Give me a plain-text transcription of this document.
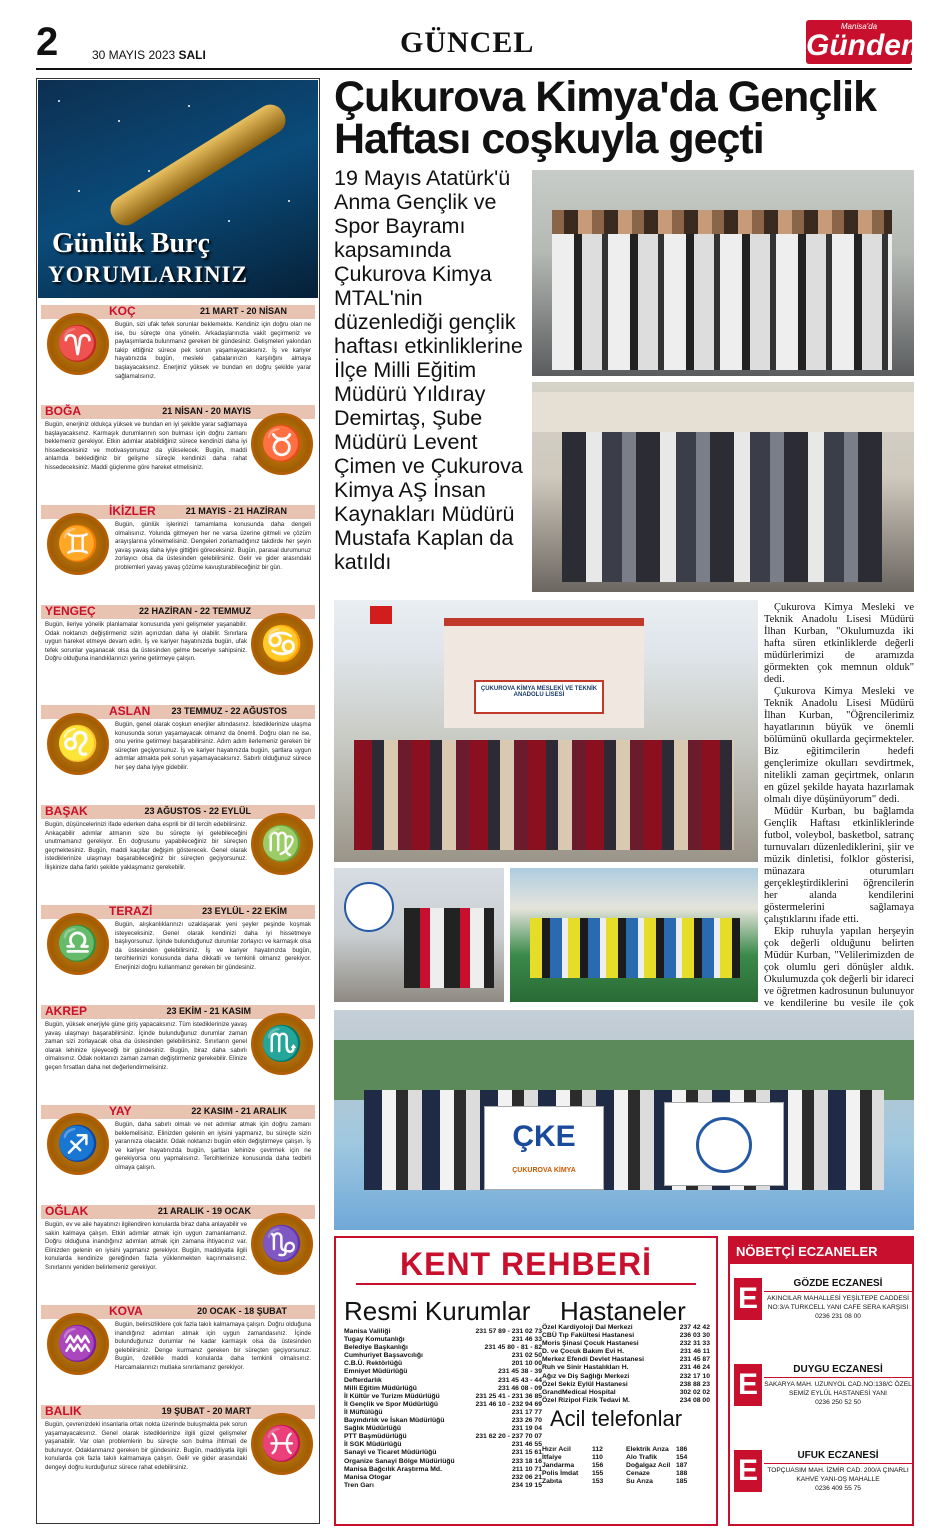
2	30 MAYIS 2023 SALI	GÜNCEL	Manisa'da
Gündem
Günlük Burç
YORUMLARINIZ
♈
KOÇ	21 MART - 20 NİSAN
Bugün, sizi ufak tefek sorunlar beklemekte. Kendiniz için doğru olan ne ise, bu süreçte ona yönelin. Arkadaşlarınızla vakit geçirmeniz ve paylaşımlarda bulunmanız gereken bir gündesiniz. Gelişmeleri yakından takip ettiğiniz sürece pek sorun yaşamayacaksınız. İş ve kariyer hayatınızda bugün, mesleki çabalarınızın karşılığını almaya başlayacaksınız. Enerjiniz yüksek ve bundan en doğru şekilde yarar sağlamalısınız.
♉
BOĞA	21 NİSAN - 20 MAYIS
Bugün, enerjiniz oldukça yüksek ve bundan en iyi şekilde yarar sağlamaya başlayacaksınız. Karmaşık durumlarının son bulması için doğru zamanı beklemeniz gerekiyor. Etkin adımlar atabildiğiniz sürece kendinizi daha iyi hissedeceksiniz ve motivasyonunuz da yükselecek. Bugün, maddi anlamda beklediğiniz bir gelişme süreçle kendinizi daha rahat hissedeceksiniz. Maddi güçlenme göre hareket etmelisiniz.
♊
İKİZLER	21 MAYIS - 21 HAZİRAN
Bugün, günlük işlerinizi tamamlama konusunda daha dengeli olmalısınız. Yolunda gitmeyen her ne varsa üzerine gitmeli ve çözüm arayışlarına yönelmelisiniz. Dengeleri zorlamadığınız takdirde her şeyin yavaş yavaş daha iyiye gittiğini göreceksiniz. Bugün, parasal durumunuz zorlayıcı olsa da üstesinden gelebilirsiniz. Gelir ve gider arasındaki problemleri yavaş yavaş çözüme kavuşturabileceğiniz bir gün.
♋
YENGEÇ	22 HAZİRAN - 22 TEMMUZ
Bugün, ileriye yönelik planlamalar konusunda yeni gelişmeler yaşanabilir. Odak noktanızı değiştirmeniz sizin açınızdan daha iyi olabilir. Sınırlara uygun hareket etmeye devam edin. İş ve kariyer hayatınızda bugün, ufak tefek sorunlar yaşanacak olsa da üstesinden gelme beceriye sahipsiniz. Doğru olduğuna inandıklarınızı yerine getirmeye çalışın.
♌
ASLAN 23 TEMMUZ - 22 AĞUSTOS
Bugün, genel olarak coşkun enerjiler altındasınız. İstediklerinize ulaşma konusunda sorun yaşamayacak olmanız da önemli. Doğru olan ne ise, onu yerine getirmeyi başarabilirsiniz. Adım adım ilerlemeniz gereken bir süreçten geçiyorsunuz. İş ve kariyer hayatınızda bugün, şartlara uygun adımlar atmakta pek sorun yaşamayacaksınız. Sabırlı olduğunuz sürece her şey daha iyiye gidebilir.
♍
BAŞAK	23 AĞUSTOS - 22 EYLÜL
Bugün, düşüncelerinizi ifade ederken daha esprili bir dil tercih edebilirsiniz. Ankaçabilir adımlar atmanın size bu süreçte iyi gelebileceğini unutmamanız gerekiyor. En doğrusunu yapabileceğiniz bir süreçten geçmektesiniz. Bugün, maddi kaçıllar değişim gösterecek. Genel olarak istediklerinize ulaşmayı başarabileceğiniz bir süreçten geçiyorsunuz. İlişkinize daha farklı şekilde yaklaşmanız gerekebilir.
♎
TERAZİ	23 EYLÜL - 22 EKİM
Bugün, alışkanlıklarınızı uzaklaşarak yeni şeyler peşinde koşmak isteyeceksiniz. Genel olarak kendinizi daha iyi hissetmeye başlıyorsunuz. İçinde bulunduğunuz durumlar zorlayıcı ve karmaşık olsa da üstesinden gelebilirsiniz. İş ve kariyer hayatınızda bugün, tercihlerinizi konusunda daha dikkatli ve temkinli olmanız gerekiyor. Enerjinizi doğru kullanmanız gereken bir gündesiniz.
♏
AKREP	23 EKİM - 21 KASIM
Bugün, yüksek enerjiyle güne giriş yapacaksınız. Tüm istediklerinize yavaş yavaş ulaşmayı başarabilirsiniz. İçinde bulunduğunuz durumlar zaman zaman sizi zorlayacak olsa da üstesinden gelebilirsiniz. Sınırların genel olarak lehinize işleyeceği bir gündesiniz. Bugün, biraz daha sabırlı olmalısınız. Odak noktanızı zaman zaman değiştirmeniz gerekebilir. Elinize geçen fırsatları daha net değerlendirmelisiniz.
♐
YAY	22 KASIM - 21 ARALIK
Bugün, daha sabırlı olmalı ve net adımlar atmak için doğru zamanı beklemelisiniz. Elinizden gelenin en iyisini yapmanız, bu süreçte sizin yararınıza olacaktır. Odak noktanızı bugün etkin değiştirmeye çalışın. İş ve kariyer hayatınızda bugün, şartları lehinize çevirmek için ne gerekiyorsa onu yapmalısınız. Tercihlerinize konusunda daha tedbirli olmaya çalışın.
♑
OĞLAK	21 ARALIK - 19 OCAK
Bugün, ev ve aile hayatınızı ilgilendiren konularda biraz daha anlayabilir ve sakin kalmaya çalışın. Etkin adımlar atmak için uygun zamanlamanız. Doğru olduğuna inandığınız adımları atmak için zamana ihtiyacınız var. Elinizden gelenin en iyisini yapmanız gerekiyor. Bugün, maddiyatla ilgili konularda kendinize gereğinden fazla yüklenmekten kaçınmalısınız. Sınırlarını yeniden belirlemeniz gerekiyor.
♒
KOVA	20 OCAK - 18 ŞUBAT
Bugün, belirsizliklere çok fazla takılı kalmamaya çalışın. Doğru olduğuna inandığınız adımları atmak için uygun zamandasınız. İçinde bulunduğunuz durumlar ne kadar karmaşık olsa da üstesinden gelebilirsiniz. Denge kurmanız gereken bir süreçten geçiyorsunuz. Bugün, özellikle maddi konularda daha temkinli olmalısınız. Harcamalarınızı mutlaka sınırlamanız gerekiyor.
♓
BALIK	19 ŞUBAT - 20 MART
Bugün, çevrenizdeki insanlarla ortak nokta üzerinde buluşmakta pek sorun yaşamayacaksınız. Genel olarak istediklerinize ilgili güzel gelişmeler yaşanabilir. Var olan problemlerin bu süreçte son bulma ihtimali de bulunuyor. Odaklanmanız gereken bir gündesiniz. Bugün, maddiyatla ilgili konularda çok fazla takılı kalmamaya çalışın. Gelir ve gider arasındaki dengeyi doğru kurduğunuz sürece rahat edebilirsiniz.
Çukurova Kimya'da Gençlik Haftası coşkuyla geçti
19 Mayıs Atatürk'ü Anma Gençlik ve Spor Bayramı kapsamında Çukurova Kimya MTAL'nin düzenlediği gençlik haftası etkinliklerine İlçe Milli Eğitim Müdürü Yıldıray Demirtaş, Şube Müdürü Levent Çimen ve Çukurova Kimya AŞ İnsan Kaynakları Müdürü Mustafa Kaplan da katıldı
ÇUKUROVA KİMYA MESLEKİ VE TEKNİK ANADOLU LİSESİ

Çukurova Kimya Mesleki ve Teknik Anadolu Lisesi Müdürü İlhan Kurban, "Okulumuzda iki hafta süren etkinliklerde değerli müdürlerimizi de aramızda görmekten çok memnun olduk" dedi.

Çukurova Kimya Mesleki ve Teknik Anadolu Lisesi Müdürü İlhan Kurban, "Öğrencilerimiz hayatlarının büyük ve önemli bölümünü okullarda geçirmekteler. Biz eğitimcilerin hedefi gençlerimize okulları sevdirtmek, nitelikli zaman geçirtmek, onların en güzel şekilde hayata hazırlamak olmalı diye düşünüyorum" dedi.

Müdür Kurban, bu bağlamda Gençlik Haftası etkinliklerinde futbol, voleybol, basketbol, satranç turnuvaları düzenlediklerini, şiir ve müzik dinletisi, folklor gösterisi, münazara oturumları gerçekleştirdiklerini öğrencilerin her alanda kendilerini göstermelerini sağlamaya çalıştıklarını ifade etti.

Ekip ruhuyla yapılan herşeyin çok değerli olduğunu belirten Müdür Kurban, "Velilerimizden de çok olumlu geri dönüşler aldık. Okulumuzda çok değerli bir idareci ve öğretmen kadrosunun bulunuyor ve kendilerine bu vesile ile çok

ÇKE
ÇUKUROVA KİMYA
KENT REHBERİ
Resmi Kurumlar Hastaneler
Manisa Valiliği	231 57 89 - 231 02 73
Tugay Komutanlığı	231 46 33
Belediye Başkanlığı	231 45 80 - 81 - 82
Cumhuriyet Başsavcılığı	231 02 50
C.B.Ü. Rektörlüğü	201 10 00
Emniyet Müdürlüğü	231 45 38 - 39
Defterdarlık	231 45 43 - 44
Milli Eğitim Müdürlüğü	231 46 08 - 09
İl Kültür ve Turizm Müdürlüğü	231 25 41 - 231 36 85
İl Gençlik ve Spor Müdürlüğü	231 46 10 - 232 94 69
İl Müftülüğü	231 17 77
Bayındırlık ve İskan Müdürlüğü	233 26 70
Sağlık Müdürlüğü	231 19 04
PTT Başmüdürlüğü	231 62 20 - 237 70 07
İl SGK Müdürlüğü	231 46 55
Sanayi ve Ticaret Müdürlüğü	231 15 61
Organize Sanayi Bölge Müdürlüğü	233 18 16
Manisa Bağcılık Araştırma Md.	211 10 71
Manisa Otogar	232 06 21
Tren Garı	234 19 15
Özel Kardiyoloji Dal Merkezi	237 42 42
CBÜ Tıp Fakültesi Hastanesi	236 03 30
Moris Şinasi Çocuk Hastanesi	232 31 33
D. ve Çocuk Bakım Evi H.	231 46 11
Merkez Efendi Devlet Hastanesi	231 45 87
Ruh ve Sinir Hastalıkları H.	231 46 24
Ağız ve Diş Sağlığı Merkezi	232 17 10
Özel Sekiz Eylül Hastanesi	238 88 23
GrandMedical Hospital	302 02 02
Özel Rizipol Fizik Tedavi M.	234 08 00
Acil telefonlar
Hızır Acil	112	Elektrik Arıza	186
İtfaiye	110	Alo Trafik	154
Jandarma	156	Doğalgaz Acil 187
Polis İmdat	155	Cenaze	188
Zabıta	153	Su Arıza	185
NÖBETÇİ ECZANELER
E	GÖZDE ECZANESİ
AKINCILAR MAHALLESİ YEŞİLTEPE CADDESİ NO:3/A TURKCELL YANI CAFE SERA KARŞISI
0236 231 08 00
E	DUYGU ECZANESİ
SAKARYA MAH. UZUNYOL CAD.NO:138/C ÖZEL SEMİZ EYLÜL HASTANESİ YANI
0236 250 52 50
E	UFUK ECZANESİ
TOPÇUASIM MAH. İZMİR CAD. 200/A ÇINARLI KAHVE YANI-OŞ MAHALLE
0236 409 55 75
